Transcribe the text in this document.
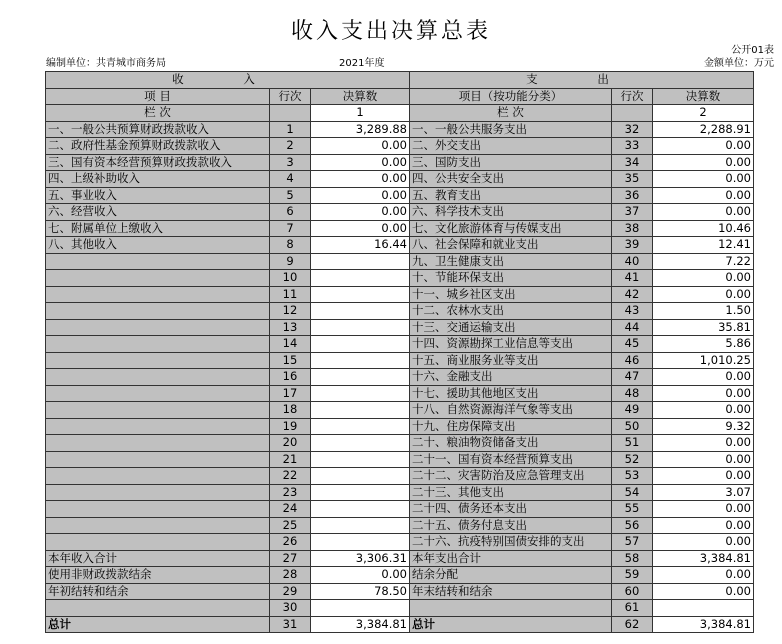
收入支出决算总表
公开01表
编制单位：共青城市商务局	2021年度	金额单位：万元
收 入			支 出		
项 目	行次	决算数	项目（按功能分类）	行次	决算数
栏 次		1	栏 次		2
一、一般公共预算财政拨款收入	1	3,289.88	一、一般公共服务支出	32	2,288.91
二、政府性基金预算财政拨款收入	2	0.00	二、外交支出	33	0.00
三、国有资本经营预算财政拨款收入	3	0.00	三、国防支出	34	0.00
四、上级补助收入	4	0.00	四、公共安全支出	35	0.00
五、事业收入	5	0.00	五、教育支出	36	0.00
六、经营收入	6	0.00	六、科学技术支出	37	0.00
七、附属单位上缴收入	7	0.00	七、文化旅游体育与传媒支出	38	10.46
八、其他收入	8	16.44	八、社会保障和就业支出	39	12.41
	9		九、卫生健康支出	40	7.22
	10		十、节能环保支出	41	0.00
	11		十一、城乡社区支出	42	0.00
	12		十二、农林水支出	43	1.50
	13		十三、交通运输支出	44	35.81
	14		十四、资源勘探工业信息等支出	45	5.86
	15		十五、商业服务业等支出	46	1,010.25
	16		十六、金融支出	47	0.00
	17		十七、援助其他地区支出	48	0.00
	18		十八、自然资源海洋气象等支出	49	0.00
	19		十九、住房保障支出	50	9.32
	20		二十、粮油物资储备支出	51	0.00
	21		二十一、国有资本经营预算支出	52	0.00
	22		二十二、灾害防治及应急管理支出	53	0.00
	23		二十三、其他支出	54	3.07
	24		二十四、债务还本支出	55	0.00
	25		二十五、债务付息支出	56	0.00
	26		二十六、抗疫特别国债安排的支出	57	0.00
本年收入合计	27	3,306.31	本年支出合计	58	3,384.81
使用非财政拨款结余	28	0.00	结余分配	59	0.00
年初结转和结余	29	78.50	年末结转和结余	60	0.00
	30			61	
总计	31	3,384.81	总计	62	3,384.81
